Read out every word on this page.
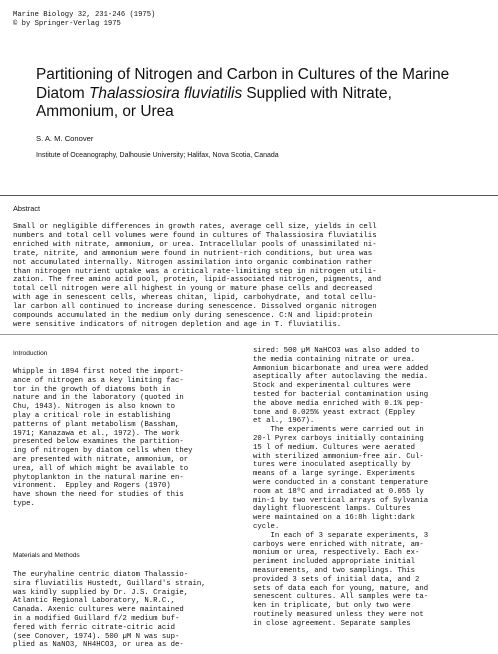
Marine Biology 32, 231-246 (1975)
© by Springer-Verlag 1975
Partitioning of Nitrogen and Carbon in Cultures of the Marine Diatom Thalassiosira fluviatilis Supplied with Nitrate, Ammonium, or Urea
S. A. M. Conover
Institute of Oceanography, Dalhousie University; Halifax, Nova Scotia, Canada
Abstract
Small or negligible differences in growth rates, average cell size, yields in cell
numbers and total cell volumes were found in cultures of Thalassiosira fluviatilis
enriched with nitrate, ammonium, or urea. Intracellular pools of unassimilated ni-
trate, nitrite, and ammonium were found in nutrient-rich conditions, but urea was
not accumulated internally. Nitrogen assimilation into organic combination rather
than nitrogen nutrient uptake was a critical rate-limiting step in nitrogen utili-
zation. The free amino acid pool, protein, lipid-associated nitrogen, pigments, and
total cell nitrogen were all highest in young or mature phase cells and decreased
with age in senescent cells, whereas chitan, lipid, carbohydrate, and total cellu-
lar carbon all continued to increase during senescence. Dissolved organic nitrogen
compounds accumulated in the medium only during senescence. C:N and lipid:protein
were sensitive indicators of nitrogen depletion and age in T. fluviatilis.
Introduction
Whipple in 1894 first noted the import-
ance of nitrogen as a key limiting fac-
tor in the growth of diatoms both in
nature and in the laboratory (quoted in
Chu, 1943). Nitrogen is also known to
play a critical role in establishing
patterns of plant metabolism (Bassham,
1971; Kanazawa et al., 1972). The work
presented below examines the partition-
ing of nitrogen by diatom cells when they
are presented with nitrate, ammonium, or
urea, all of which might be available to
phytoplankton in the natural marine en-
vironment.  Eppley and Rogers (1970)
have shown the need for studies of this
type.
Materials and Methods
The euryhaline centric diatom Thalassio-
sira fluviatilis Hustedt, Guillard's strain,
was kindly supplied by Dr. J.S. Craigie,
Atlantic Regional Laboratory, N.R.C.,
Canada. Axenic cultures were maintained
in a modified Guillard f/2 medium buf-
fered with ferric citrate-citric acid
(see Conover, 1974). 500 µM N was sup-
plied as NaNO3, NH4HCO3, or urea as de-
sired: 500 µM NaHCO3 was also added to
the media containing nitrate or urea.
Ammonium bicarbonate and urea were added
aseptically after autoclaving the media.
Stock and experimental cultures were
tested for bacterial contamination using
the above media enriched with 0.1% pep-
tone and 0.025% yeast extract (Eppley
et al., 1967).
The experiments were carried out in
20-l Pyrex carboys initially containing
15 l of medium. Cultures were aerated
with sterilized ammonium-free air. Cul-
tures were inoculated aseptically by
means of a large syringe. Experiments
were conducted in a constant temperature
room at 18ºC and irradiated at 0.055 ly
min-1 by two vertical arrays of Sylvania
daylight fluorescent lamps. Cultures
were maintained on a 16:8h light:dark
cycle.
In each of 3 separate experiments, 3
carboys were enriched with nitrate, am-
monium or urea, respectively. Each ex-
periment included appropriate initial
measurements, and two samplings. This
provided 3 sets of initial data, and 2
sets of data each for young, mature, and
senescent cultures. All samples were ta-
ken in triplicate, but only two were
routinely measured unless they were not
in close agreement. Separate samples
